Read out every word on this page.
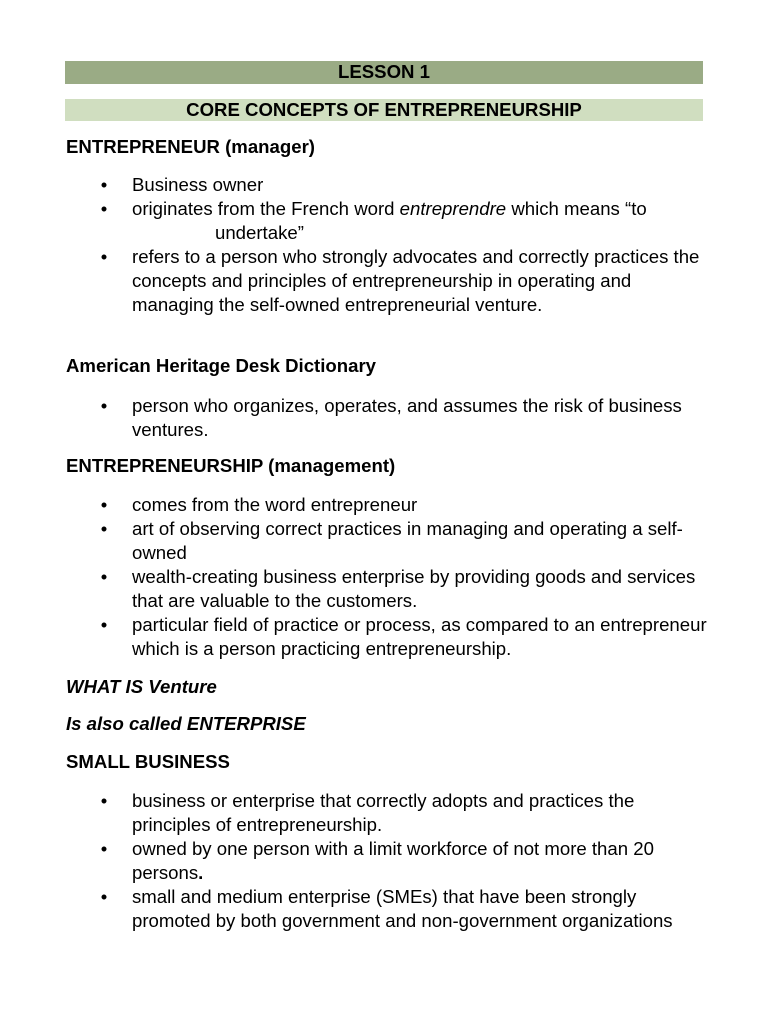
LESSON 1
CORE CONCEPTS OF ENTREPRENEURSHIP

ENTREPRENEUR (manager)

• Business owner
• originates from the French word entreprendre which means “to
undertake”
• refers to a person who strongly advocates and correctly practices the concepts and principles of entrepreneurship in operating and managing the self-owned entrepreneurial venture.

American Heritage Desk Dictionary

• person who organizes, operates, and assumes the risk of business ventures.

ENTREPRENEURSHIP (management)

• comes from the word entrepreneur
• art of observing correct practices in managing and operating a self-owned
• wealth-creating business enterprise by providing goods and services that are valuable to the customers.
• particular field of practice or process, as compared to an entrepreneur which is a person practicing entrepreneurship.

WHAT IS Venture

Is also called ENTERPRISE

SMALL BUSINESS

• business or enterprise that correctly adopts and practices the principles of entrepreneurship.
• owned by one person with a limit workforce of not more than 20 persons.
• small and medium enterprise (SMEs) that have been strongly promoted by both government and non-government organizations
